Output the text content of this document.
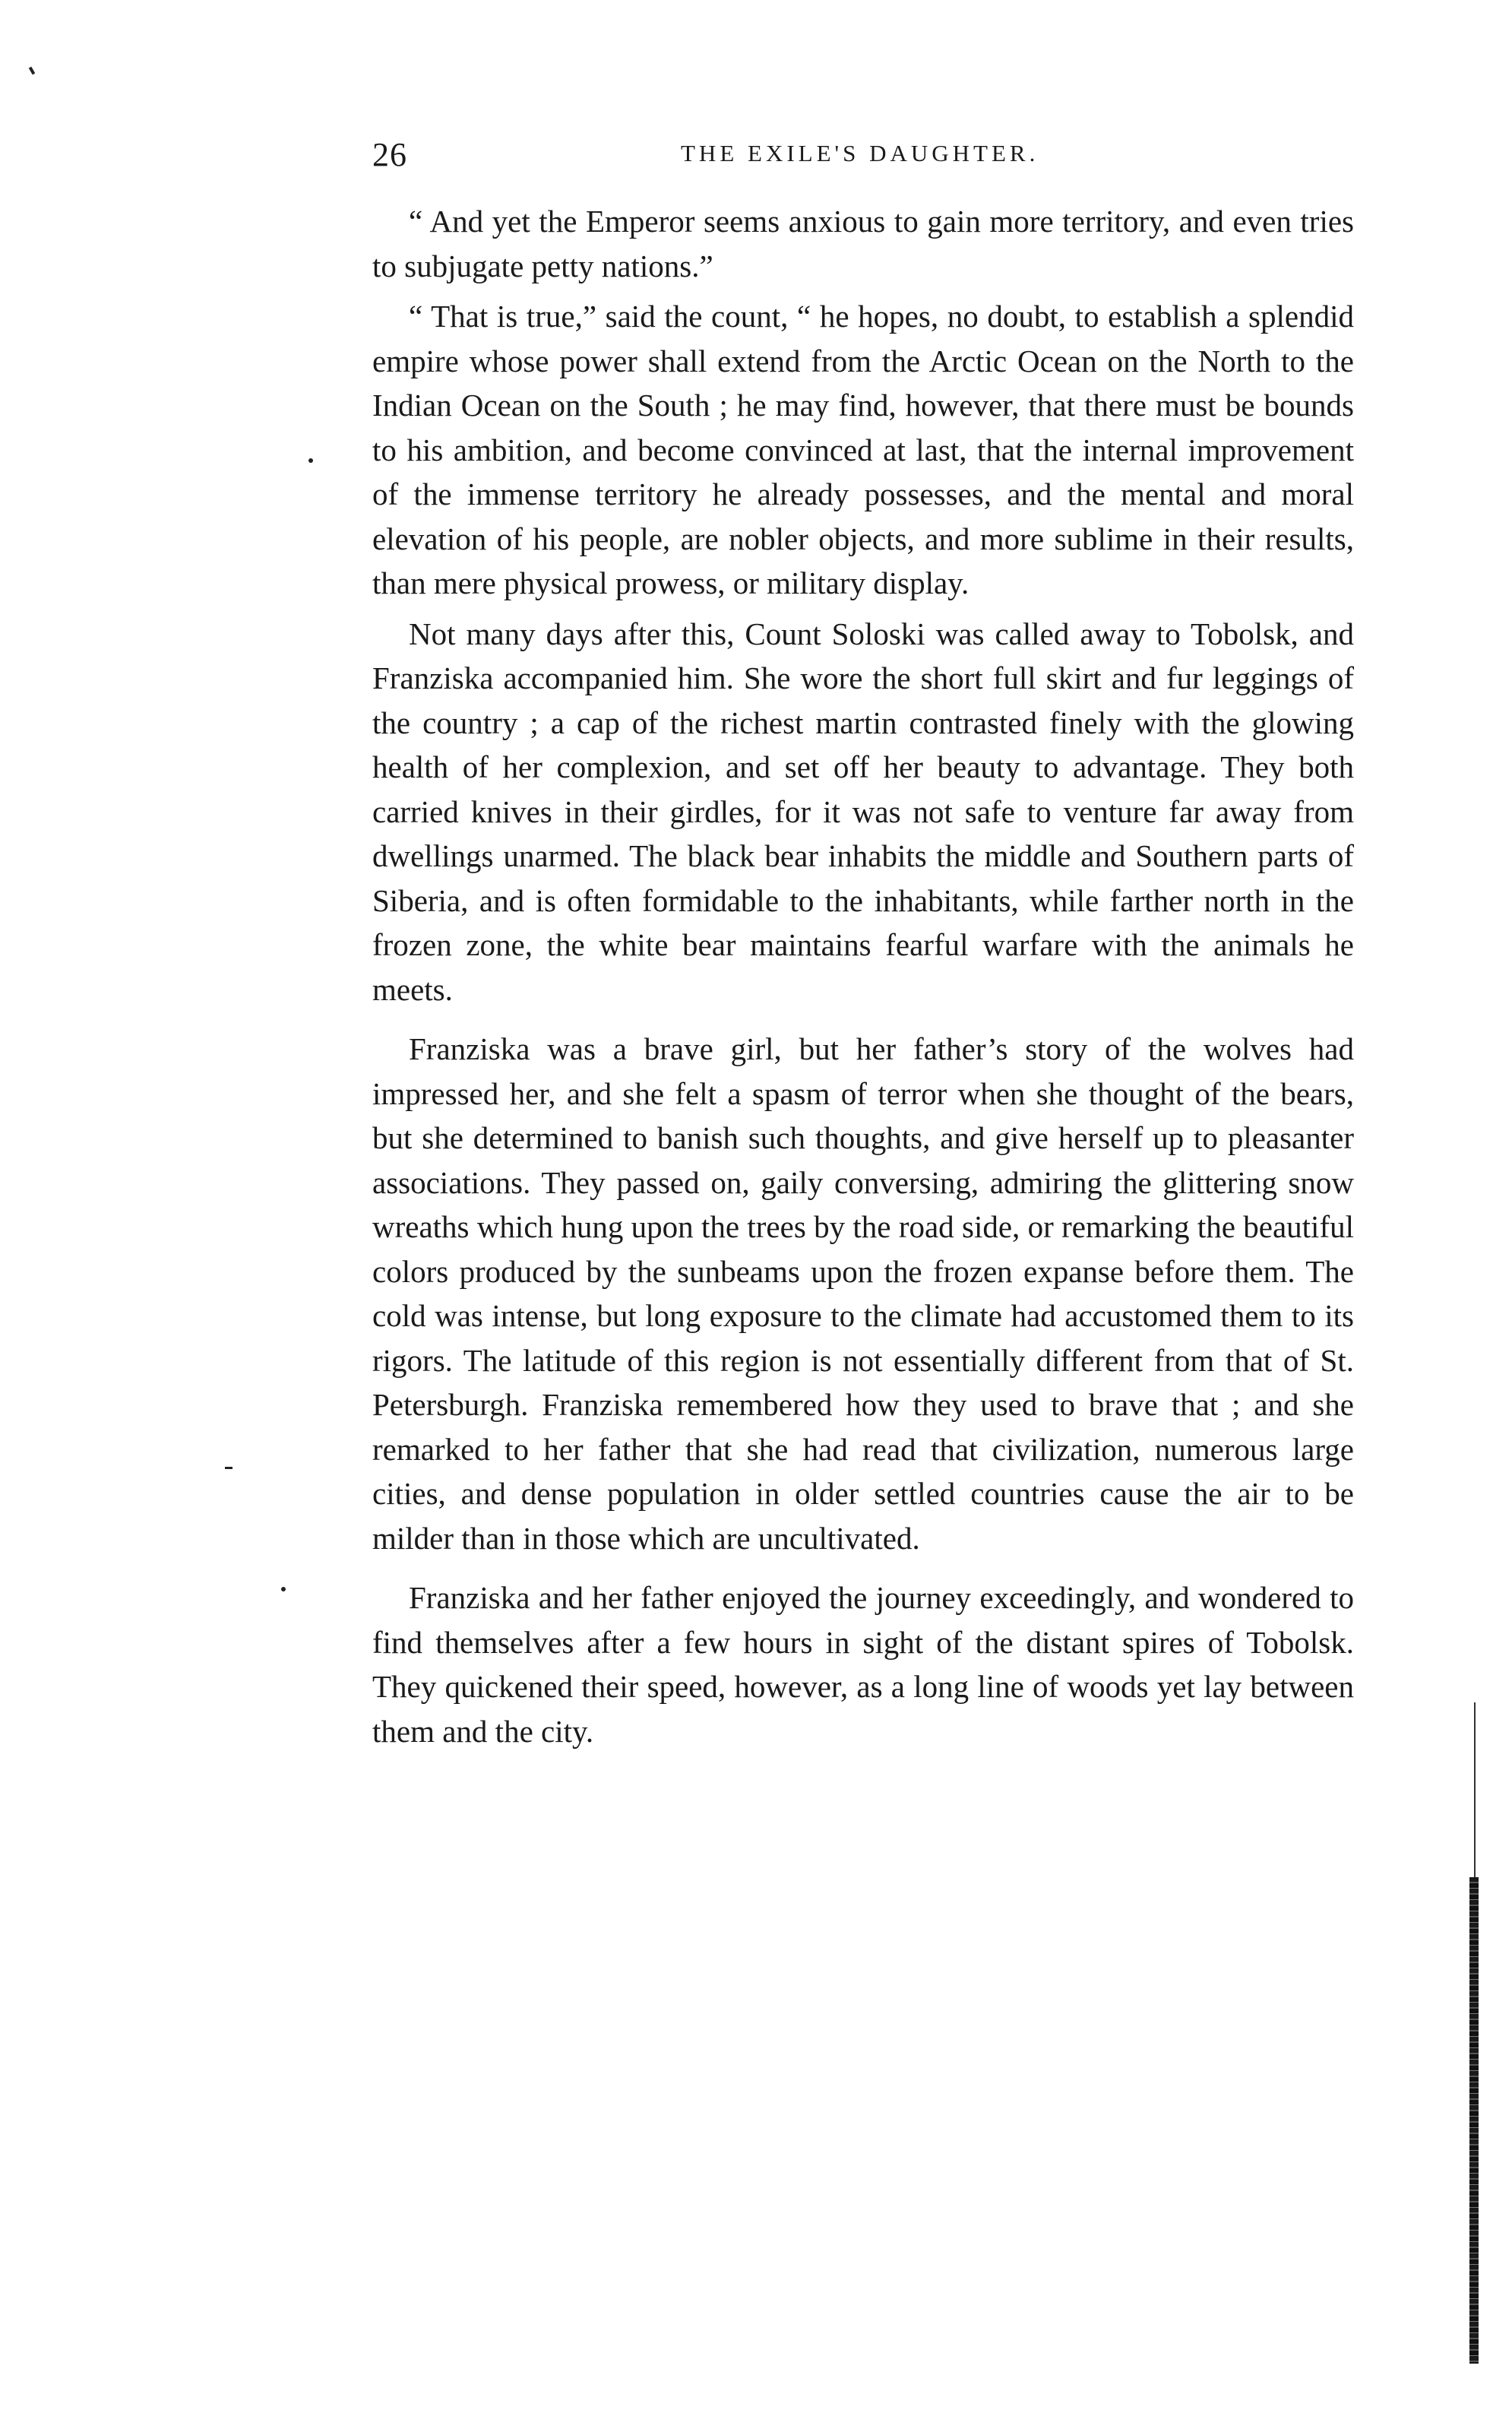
26	THE EXILE'S DAUGHTER.

“ And yet the Emperor seems anxious to gain more territory, and even tries to subjugate petty nations.”

“ That is true,” said the count, “ he hopes, no doubt, to establish a splendid empire whose power shall extend from the Arctic Ocean on the North to the Indian Ocean on the South ; he may find, however, that there must be bounds to his ambition, and become convinced at last, that the internal improvement of the immense territory he already possesses, and the mental and moral elevation of his people, are nobler objects, and more sublime in their results, than mere physical prowess, or military display.

Not many days after this, Count Soloski was called away to Tobolsk, and Franziska accompanied him. She wore the short full skirt and fur leggings of the country ; a cap of the richest martin contrasted finely with the glowing health of her complexion, and set off her beauty to advantage. They both carried knives in their girdles, for it was not safe to venture far away from dwellings unarmed. The black bear inhabits the middle and Southern parts of Siberia, and is often formidable to the inhabitants, while farther north in the frozen zone, the white bear maintains fearful warfare with the animals he meets.

Franziska was a brave girl, but her father’s story of the wolves had impressed her, and she felt a spasm of terror when she thought of the bears, but she determined to banish such thoughts, and give herself up to pleasanter associations. They passed on, gaily conversing, admiring the glittering snow wreaths which hung upon the trees by the road side, or remarking the beautiful colors produced by the sunbeams upon the frozen expanse before them. The cold was intense, but long exposure to the climate had accustomed them to its rigors. The latitude of this region is not essentially different from that of St. Petersburgh. Franziska remembered how they used to brave that ; and she remarked to her father that she had read that civilization, numerous large cities, and dense population in older settled countries cause the air to be milder than in those which are uncultivated.

Franziska and her father enjoyed the journey exceedingly, and wondered to find themselves after a few hours in sight of the distant spires of Tobolsk. They quickened their speed, however, as a long line of woods yet lay between them and the city.
